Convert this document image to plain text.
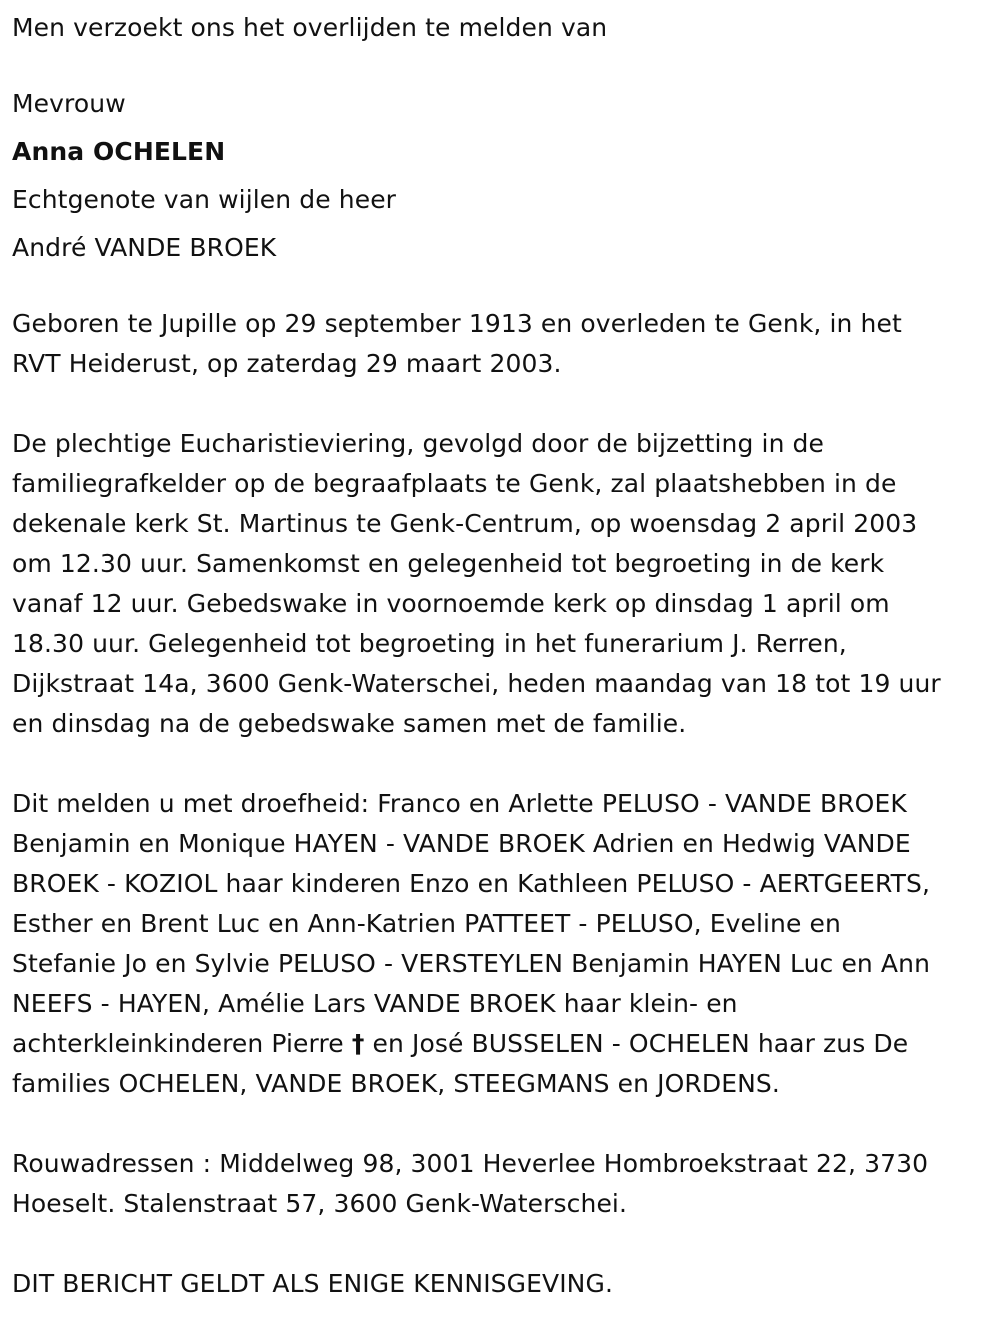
Men verzoekt ons het overlijden te melden van

Mevrouw

Anna OCHELEN

Echtgenote van wijlen de heer

André VANDE BROEK

Geboren te Jupille op 29 september 1913 en overleden te Genk, in het

RVT Heiderust, op zaterdag 29 maart 2003.

De plechtige Eucharistieviering, gevolgd door de bijzetting in de

familiegrafkelder op de begraafplaats te Genk, zal plaatshebben in de

dekenale kerk St. Martinus te Genk-Centrum, op woensdag 2 april 2003

om 12.30 uur. Samenkomst en gelegenheid tot begroeting in de kerk

vanaf 12 uur. Gebedswake in voornoemde kerk op dinsdag 1 april om

18.30 uur. Gelegenheid tot begroeting in het funerarium J. Rerren,

Dijkstraat 14a, 3600 Genk-Waterschei, heden maandag van 18 tot 19 uur

en dinsdag na de gebedswake samen met de familie.

Dit melden u met droefheid: Franco en Arlette PELUSO - VANDE BROEK

Benjamin en Monique HAYEN - VANDE BROEK Adrien en Hedwig VANDE

BROEK - KOZIOL haar kinderen Enzo en Kathleen PELUSO - AERTGEERTS,

Esther en Brent Luc en Ann-Katrien PATTEET - PELUSO, Eveline en

Stefanie Jo en Sylvie PELUSO - VERSTEYLEN Benjamin HAYEN Luc en Ann

NEEFS - HAYEN, Amélie Lars VANDE BROEK haar klein- en

achterkleinkinderen Pierre † en José BUSSELEN - OCHELEN haar zus De

families OCHELEN, VANDE BROEK, STEEGMANS en JORDENS.

Rouwadressen : Middelweg 98, 3001 Heverlee Hombroekstraat 22, 3730

Hoeselt. Stalenstraat 57, 3600 Genk-Waterschei.

DIT BERICHT GELDT ALS ENIGE KENNISGEVING.
